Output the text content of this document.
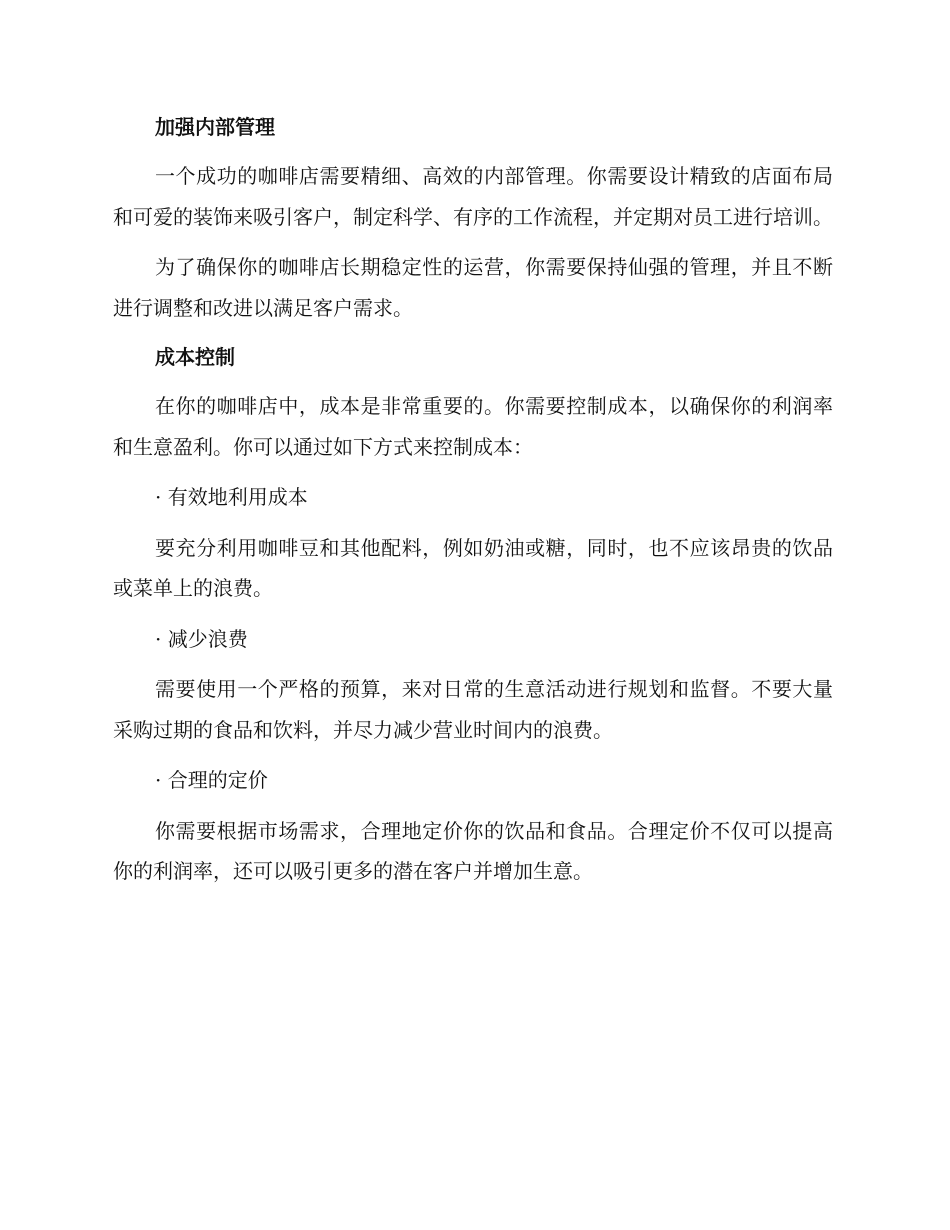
加强内部管理

一个成功的咖啡店需要精细、高效的内部管理。你需要设计精致的店面布局和可爱的装饰来吸引客户，制定科学、有序的工作流程，并定期对员工进行培训。

为了确保你的咖啡店长期稳定性的运营，你需要保持仙强的管理，并且不断进行调整和改进以满足客户需求。

成本控制

在你的咖啡店中，成本是非常重要的。你需要控制成本，以确保你的利润率和生意盈利。你可以通过如下方式来控制成本：

· 有效地利用成本

要充分利用咖啡豆和其他配料，例如奶油或糖，同时，也不应该昂贵的饮品或菜单上的浪费。

· 减少浪费

需要使用一个严格的预算，来对日常的生意活动进行规划和监督。不要大量采购过期的食品和饮料，并尽力减少营业时间内的浪费。

· 合理的定价

你需要根据市场需求，合理地定价你的饮品和食品。合理定价不仅可以提高你的利润率，还可以吸引更多的潜在客户并增加生意。
